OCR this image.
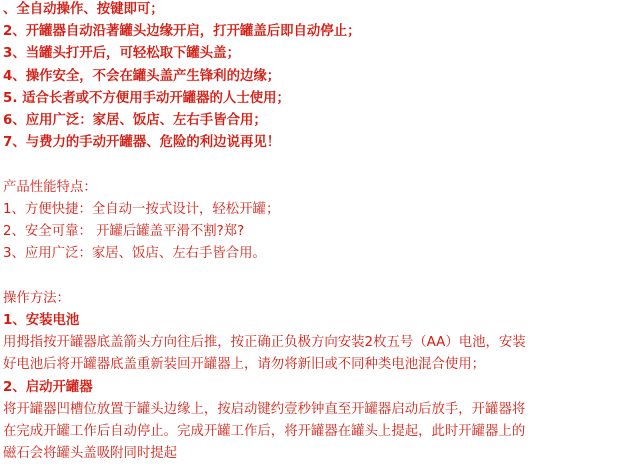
、全自动操作、按键即可；
2、开罐器自动沿著罐头边缘开启，打开罐盖后即自动停止；
3、当罐头打开后，可轻松取下罐头盖；
4、操作安全，不会在罐头盖产生锋利的边缘；
5. 适合长者或不方便用手动开罐器的人士使用；
6、应用广泛：家居、饭店、左右手皆合用；
7、与费力的手动开罐器、危险的利边说再见！
产品性能特点：
1、方便快捷：全自动一按式设计，轻松开罐；
2、安全可靠： 开罐后罐盖平滑不割?郑?
3、应用广泛：家居、饭店、左右手皆合用。
操作方法：
1、安装电池
用拇指按开罐器底盖箭头方向往后推，按正确正负极方向安装2枚五号（AA）电池，安装
好电池后将开罐器底盖重新装回开罐器上，请勿将新旧或不同种类电池混合使用；
2、启动开罐器
将开罐器凹槽位放置于罐头边缘上，按启动键约壹秒钟直至开罐器启动后放手，开罐器将
在完成开罐工作后自动停止。完成开罐工作后，将开罐器在罐头上提起，此时开罐器上的
磁石会将罐头盖吸附同时提起
